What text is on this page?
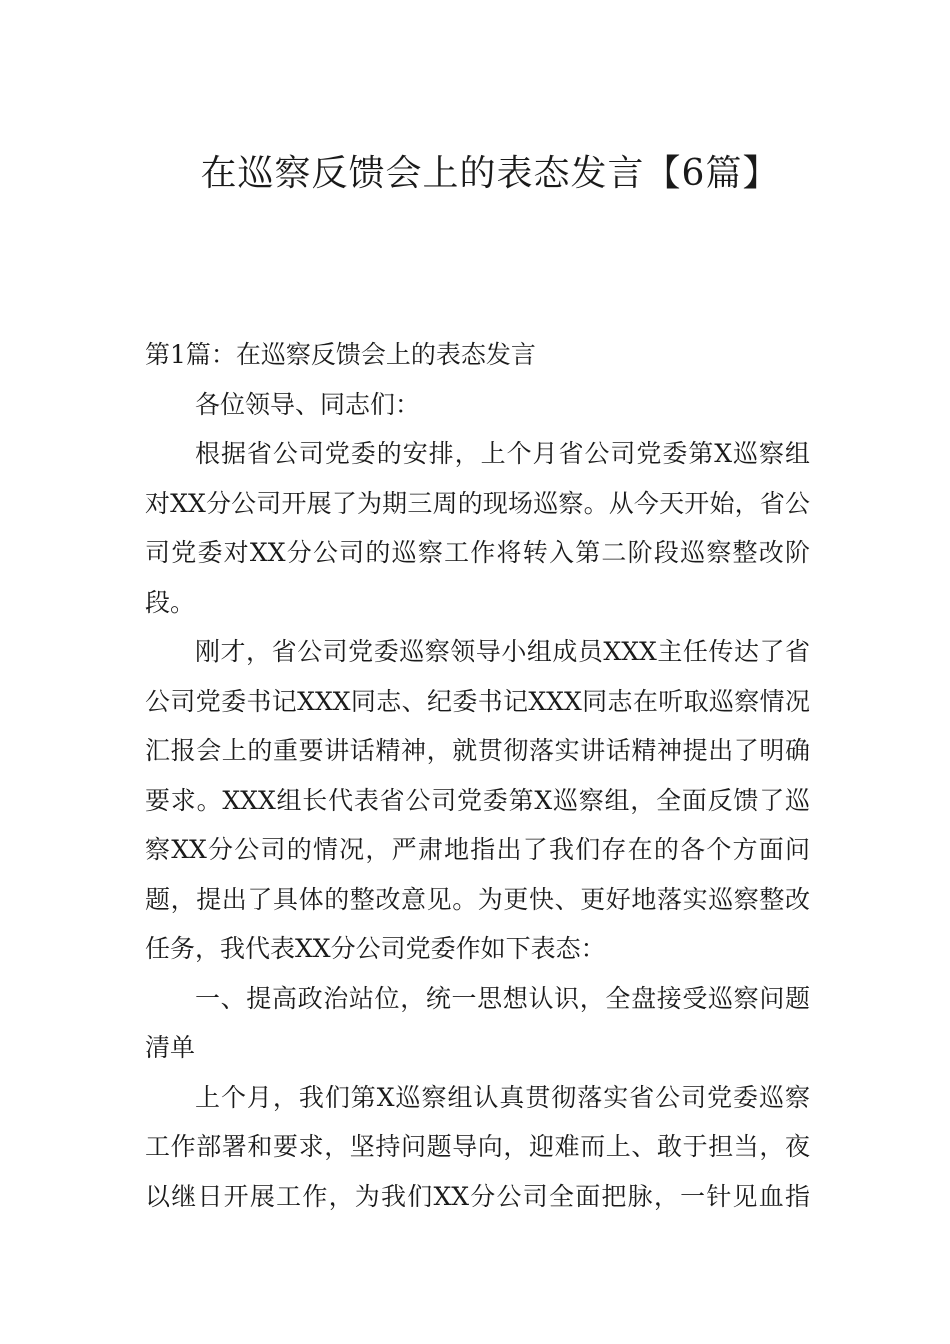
在巡察反馈会上的表态发言【6篇】

第1篇：在巡察反馈会上的表态发言

各位领导、同志们：

根据省公司党委的安排，上个月省公司党委第X巡察组对XX分公司开展了为期三周的现场巡察。从今天开始，省公司党委对XX分公司的巡察工作将转入第二阶段巡察整改阶段。

刚才，省公司党委巡察领导小组成员XXX主任传达了省公司党委书记XXX同志、纪委书记XXX同志在听取巡察情况汇报会上的重要讲话精神，就贯彻落实讲话精神提出了明确要求。XXX组长代表省公司党委第X巡察组，全面反馈了巡察XX分公司的情况，严肃地指出了我们存在的各个方面问题，提出了具体的整改意见。为更快、更好地落实巡察整改任务，我代表XX分公司党委作如下表态：

一、提高政治站位，统一思想认识，全盘接受巡察问题清单

上个月，我们第X巡察组认真贯彻落实省公司党委巡察工作部署和要求，坚持问题导向，迎难而上、敢于担当，夜以继日开展工作，为我们XX分公司全面把脉，一针见血指
